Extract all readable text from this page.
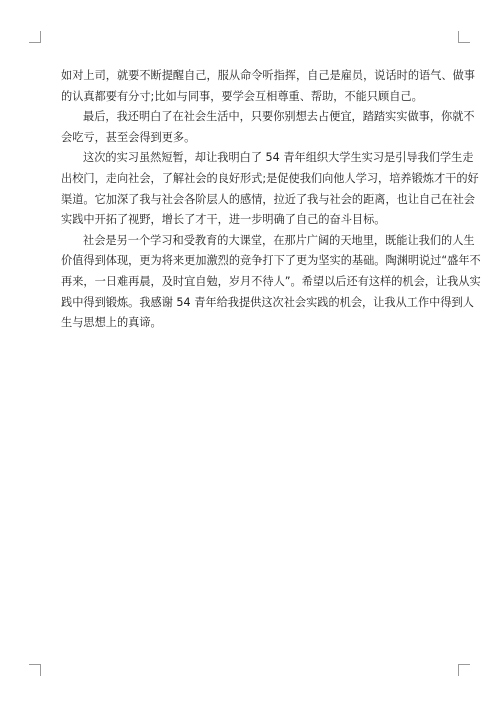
如对上司，就要不断提醒自己，服从命令听指挥，自己是雇员，说话时的语气、做事
的认真都要有分寸;比如与同事，要学会互相尊重、帮助，不能只顾自己。

最后，我还明白了在社会生活中，只要你别想去占便宜，踏踏实实做事，你就不
会吃亏，甚至会得到更多。

这次的实习虽然短暂，却让我明白了 54 青年组织大学生实习是引导我们学生走
出校门，走向社会，了解社会的良好形式;是促使我们向他人学习，培养锻炼才干的好
渠道。它加深了我与社会各阶层人的感情，拉近了我与社会的距离，也让自己在社会
实践中开拓了视野，增长了才干，进一步明确了自己的奋斗目标。

社会是另一个学习和受教育的大课堂，在那片广阔的天地里，既能让我们的人生
价值得到体现，更为将来更加激烈的竞争打下了更为坚实的基础。陶渊明说过“盛年不
再来，一日难再晨，及时宜自勉，岁月不待人”。希望以后还有这样的机会，让我从实
践中得到锻炼。我感谢 54 青年给我提供这次社会实践的机会，让我从工作中得到人
生与思想上的真谛。
